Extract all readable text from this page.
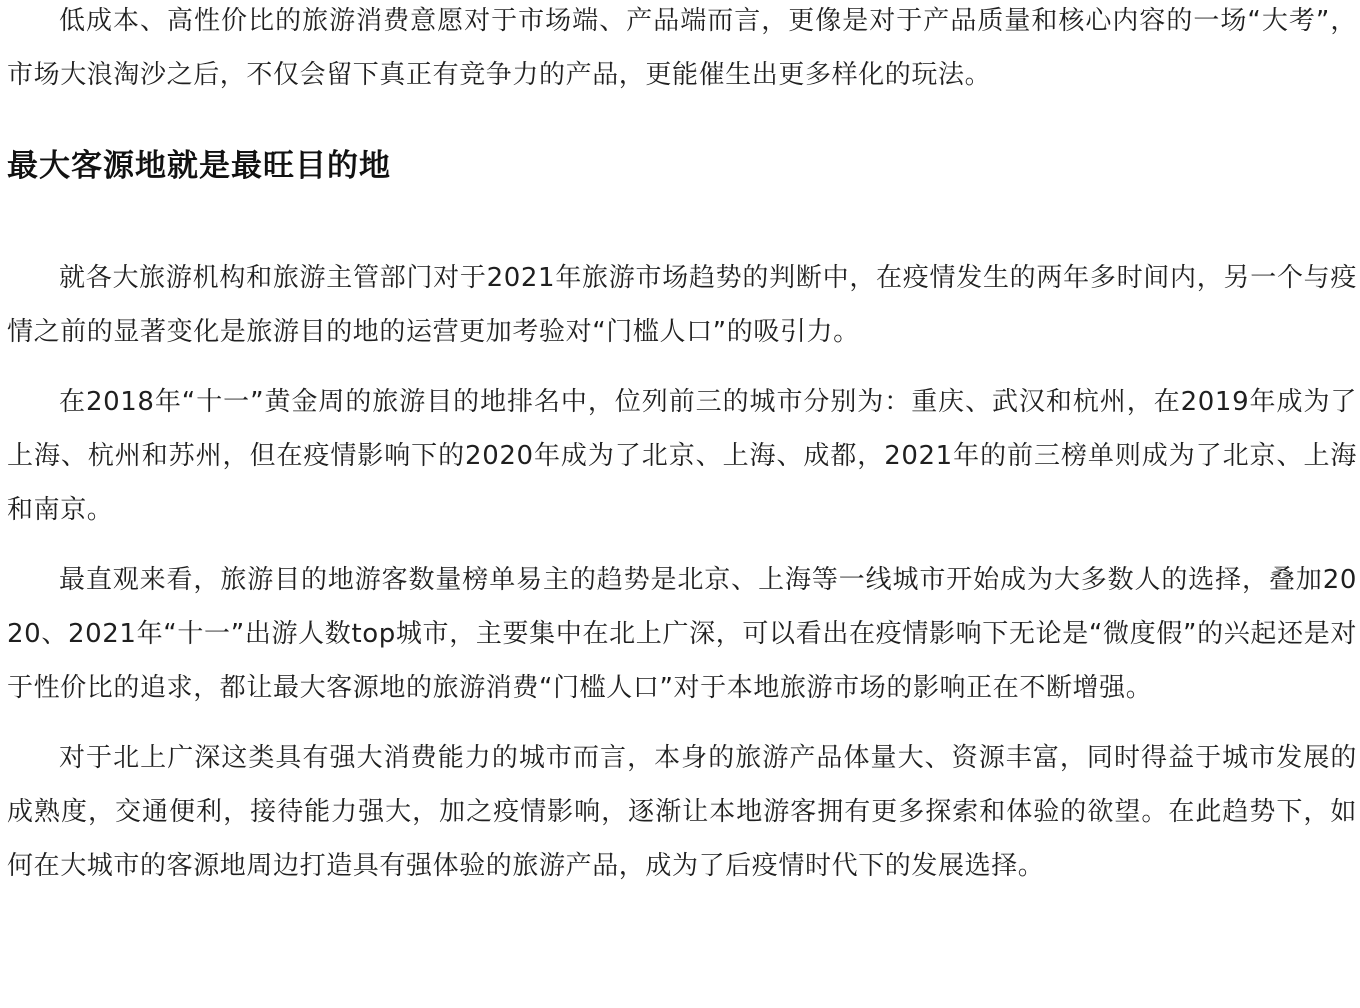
低成本、高性价比的旅游消费意愿对于市场端、产品端而言，更像是对于产品质量和核心内容的一场“大考”，市场大浪淘沙之后，不仅会留下真正有竞争力的产品，更能催生出更多样化的玩法。

最大客源地就是最旺目的地

就各大旅游机构和旅游主管部门对于2021年旅游市场趋势的判断中，在疫情发生的两年多时间内，另一个与疫情之前的显著变化是旅游目的地的运营更加考验对“门槛人口”的吸引力。

在2018年“十一”黄金周的旅游目的地排名中，位列前三的城市分别为：重庆、武汉和杭州，在2019年成为了上海、杭州和苏州，但在疫情影响下的2020年成为了北京、上海、成都，2021年的前三榜单则成为了北京、上海和南京。

最直观来看，旅游目的地游客数量榜单易主的趋势是北京、上海等一线城市开始成为大多数人的选择，叠加2020、2021年“十一”出游人数top城市，主要集中在北上广深，可以看出在疫情影响下无论是“微度假”的兴起还是对于性价比的追求，都让最大客源地的旅游消费“门槛人口”对于本地旅游市场的影响正在不断增强。

对于北上广深这类具有强大消费能力的城市而言，本身的旅游产品体量大、资源丰富，同时得益于城市发展的成熟度，交通便利，接待能力强大，加之疫情影响，逐渐让本地游客拥有更多探索和体验的欲望。在此趋势下，如何在大城市的客源地周边打造具有强体验的旅游产品，成为了后疫情时代下的发展选择。
